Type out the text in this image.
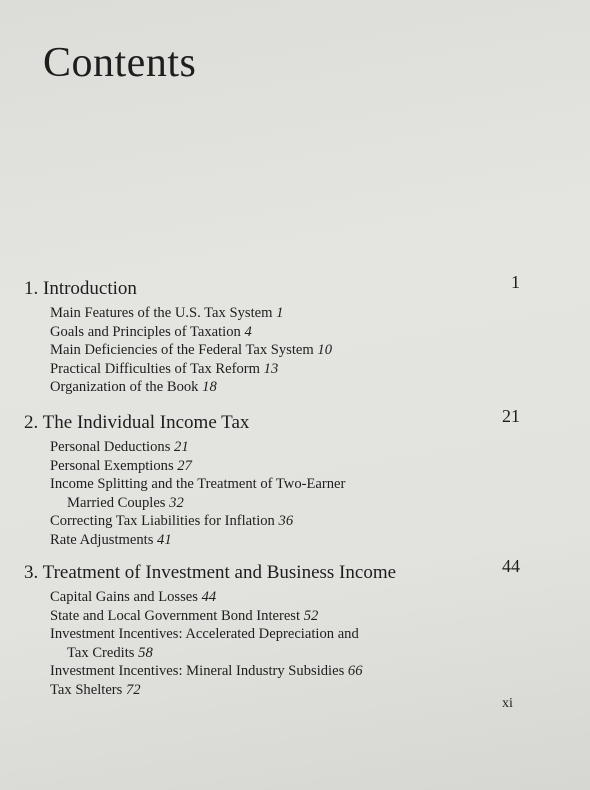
Contents
1. Introduction	1
Main Features of the U.S. Tax System 1
Goals and Principles of Taxation 4
Main Deficiencies of the Federal Tax System 10
Practical Difficulties of Tax Reform 13
Organization of the Book 18
2. The Individual Income Tax	21
Personal Deductions 21
Personal Exemptions 27
Income Splitting and the Treatment of Two-Earner
Married Couples 32
Correcting Tax Liabilities for Inflation 36
Rate Adjustments 41
3. Treatment of Investment and Business Income	44
Capital Gains and Losses 44
State and Local Government Bond Interest 52
Investment Incentives: Accelerated Depreciation and
Tax Credits 58
Investment Incentives: Mineral Industry Subsidies 66
Tax Shelters 72
xi
